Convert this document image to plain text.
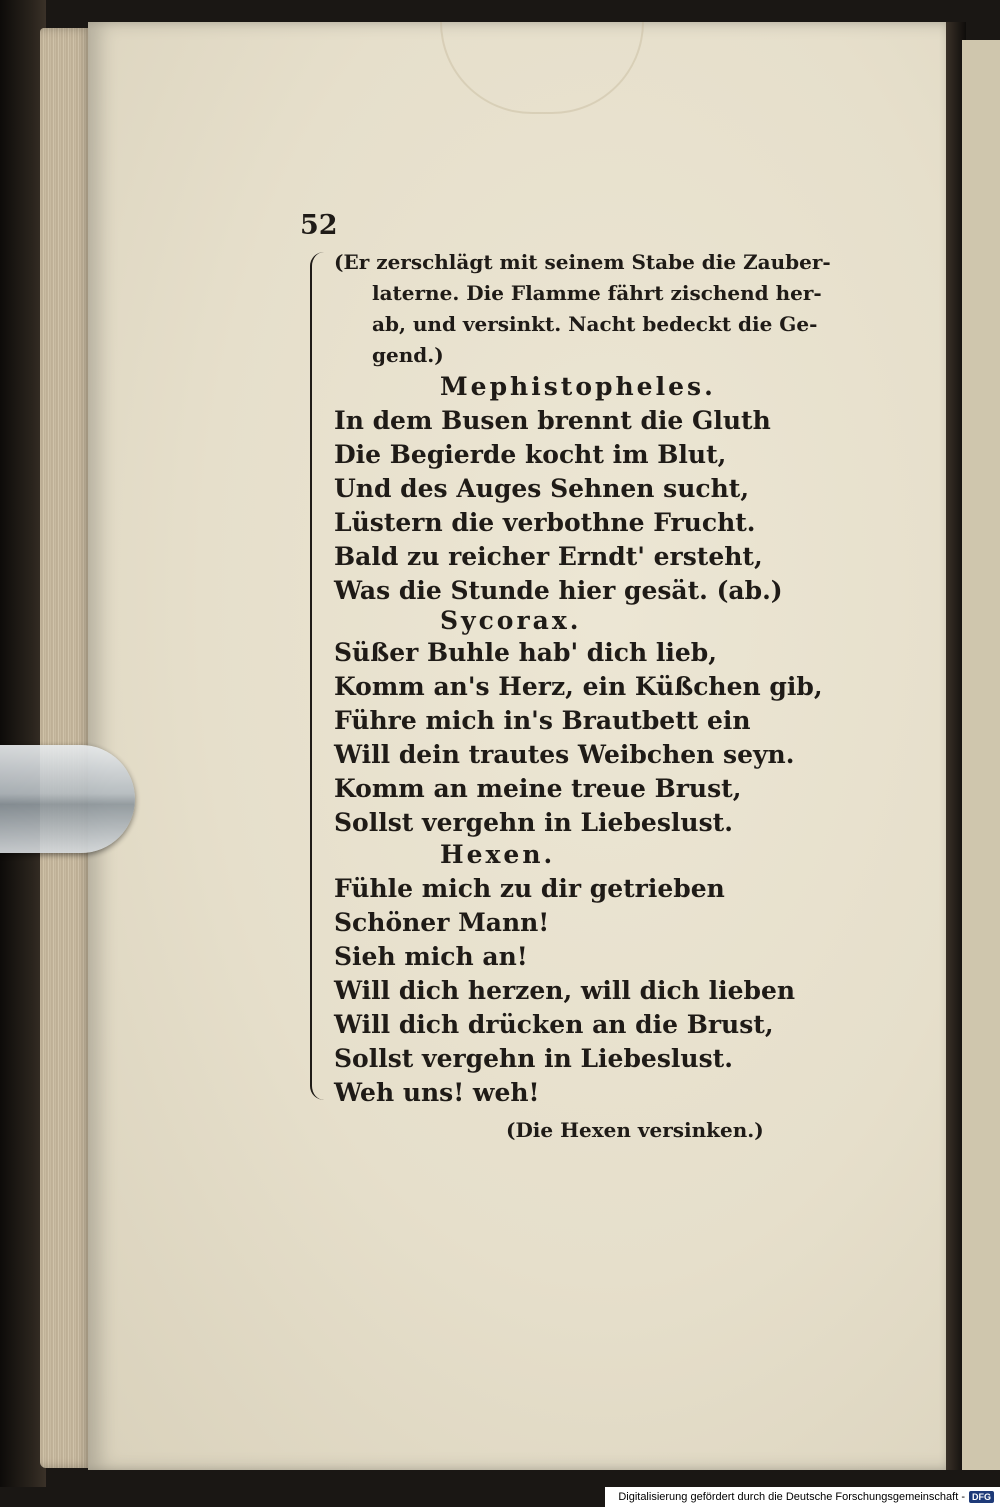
52
(Er zerschlägt mit seinem Stabe die Zauber-
laterne. Die Flamme fährt zischend her-
ab, und versinkt. Nacht bedeckt die Ge-
gend.)
Mephistopheles.
In dem Busen brennt die Gluth
Die Begierde kocht im Blut,
Und des Auges Sehnen sucht,
Lüstern die verbothne Frucht.
Bald zu reicher Erndt' ersteht,
Was die Stunde hier gesät. (ab.)
Sycorax.
Süßer Buhle hab' dich lieb,
Komm an's Herz, ein Küßchen gib,
Führe mich in's Brautbett ein
Will dein trautes Weibchen seyn.
Komm an meine treue Brust,
Sollst vergehn in Liebeslust.
Hexen.
Fühle mich zu dir getrieben
Schöner Mann!
Sieh mich an!
Will dich herzen, will dich lieben
Will dich drücken an die Brust,
Sollst vergehn in Liebeslust.
Weh uns! weh!
(Die Hexen versinken.)
Digitalisierung gefördert durch die Deutsche Forschungsgemeinschaft - DFG
